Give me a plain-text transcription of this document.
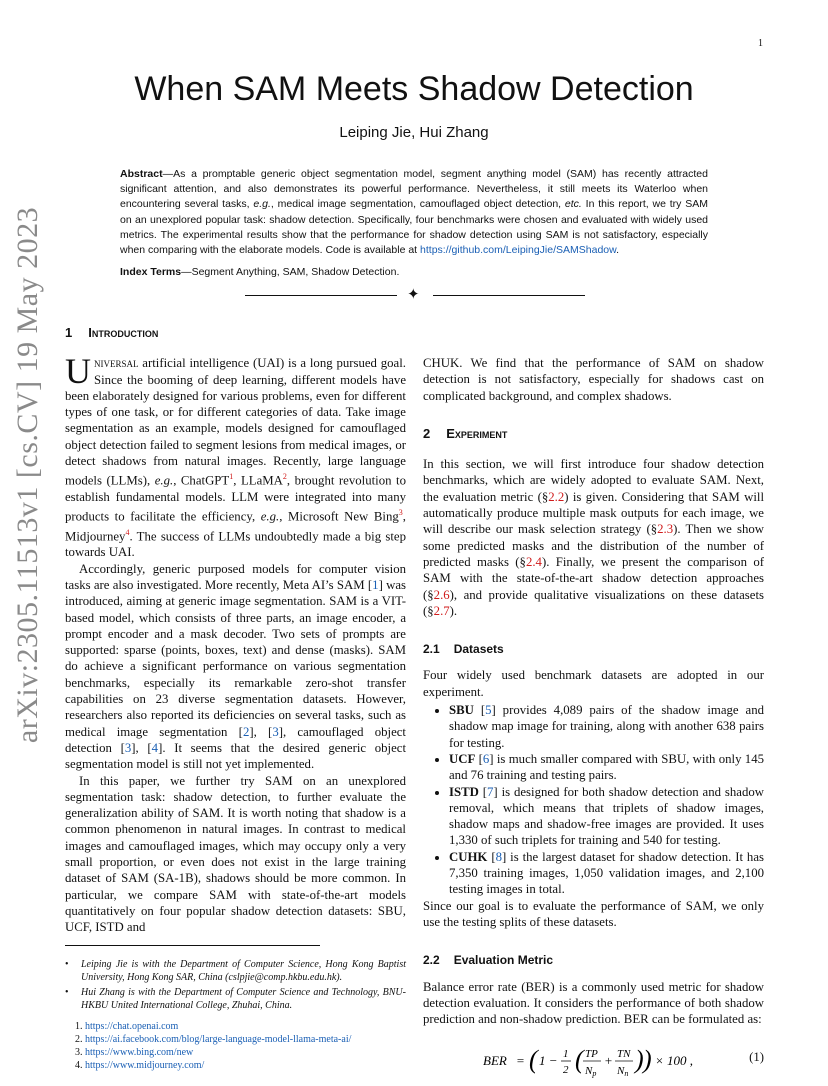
1
arXiv:2305.11513v1 [cs.CV] 19 May 2023
When SAM Meets Shadow Detection
Leiping Jie, Hui Zhang
Abstract—As a promptable generic object segmentation model, segment anything model (SAM) has recently attracted significant attention, and also demonstrates its powerful performance. Nevertheless, it still meets its Waterloo when encountering several tasks, e.g., medical image segmentation, camouflaged object detection, etc. In this report, we try SAM on an unexplored popular task: shadow detection. Specifically, four benchmarks were chosen and evaluated with widely used metrics. The experimental results show that the performance for shadow detection using SAM is not satisfactory, especially when comparing with the elaborate models. Code is available at https://github.com/LeipingJie/SAMShadow.
Index Terms—Segment Anything, SAM, Shadow Detection.
✦
1 Introduction

Universal artificial intelligence (UAI) is a long pursued goal. Since the booming of deep learning, different models have been elaborately designed for various problems, even for different types of one task, or for different categories of data. Take image segmentation as an example, models designed for camouflaged object detection failed to segment lesions from medical images, or detect shadows from natural images. Recently, large language models (LLMs), e.g., ChatGPT$^1$, LLaMA$^2$, brought revolution to establish fundamental models. LLM were integrated into many products to facilitate the efficiency, e.g., Microsoft New Bing$^3$, Midjourney$^4$. The success of LLMs undoubtedly made a big step towards UAI.

Accordingly, generic purposed models for computer vision tasks are also investigated. More recently, Meta AI’s SAM [1] was introduced, aiming at generic image segmentation. SAM is a VIT-based model, which consists of three parts, an image encoder, a prompt encoder and a mask decoder. Two sets of prompts are supported: sparse (points, boxes, text) and dense (masks). SAM do achieve a significant performance on various segmentation benchmarks, especially its remarkable zero-shot transfer capabilities on 23 diverse segmentation datasets. However, researchers also reported its deficiencies on several tasks, such as medical image segmentation [2], [3], camouflaged object detection [3], [4]. It seems that the desired generic object segmentation model is still not yet implemented.

In this paper, we further try SAM on an unexplored segmentation task: shadow detection, to further evaluate the generalization ability of SAM. It is worth noting that shadow is a common phenomenon in natural images. In contrast to medical images and camouflaged images, which may occupy only a very small proportion, or even does not exist in the large training dataset of SAM (SA-1B), shadows should be more common. In particular, we compare SAM with state-of-the-art models quantitatively on four popular shadow detection datasets: SBU, UCF, ISTD and

• Leiping Jie is with the Department of Computer Science, Hong Kong Baptist University, Hong Kong SAR, China (cslpjie@comp.hkbu.edu.hk).
• Hui Zhang is with the Department of Computer Science and Technology, BNU-HKBU United International College, Zhuhai, China.
1. https://chat.openai.com
2. https://ai.facebook.com/blog/large-language-model-llama-meta-ai/
3. https://www.bing.com/new
4. https://www.midjourney.com/

CHUK. We find that the performance of SAM on shadow detection is not satisfactory, especially for shadows cast on complicated background, and complex shadows.

2 Experiment

In this section, we will first introduce four shadow detection benchmarks, which are widely adopted to evaluate SAM. Next, the evaluation metric (§2.2) is given. Considering that SAM will automatically produce multiple mask outputs for each image, we will describe our mask selection strategy (§2.3). Then we show some predicted masks and the distribution of the number of predicted masks (§2.4). Finally, we present the comparison of SAM with the state-of-the-art shadow detection approaches (§2.6), and provide qualitative visualizations on these datasets (§2.7).

2.1 Datasets

Four widely used benchmark datasets are adopted in our experiment.

• SBU [5] provides 4,089 pairs of the shadow image and shadow map image for training, along with another 638 pairs for testing.
• UCF [6] is much smaller compared with SBU, with only 145 and 76 training and testing pairs.
• ISTD [7] is designed for both shadow detection and shadow removal, which means that triplets of shadow images, shadow maps and shadow-free images are provided. It uses 1,330 of such triplets for training and 540 for testing.
• CUHK [8] is the largest dataset for shadow detection. It has 7,350 training images, 1,050 validation images, and 2,100 testing images in total.

Since our goal is to evaluate the performance of SAM, we only use the testing splits of these datasets.

2.2 Evaluation Metric

Balance error rate (BER) is a commonly used metric for shadow detection evaluation. It considers the performance of both shadow prediction and non-shadow prediction. BER can be formulated as:

BER = ( 1 − 1
2 ( TP
Np
+ TN
Nn ) ) × 100 ,	(1)
